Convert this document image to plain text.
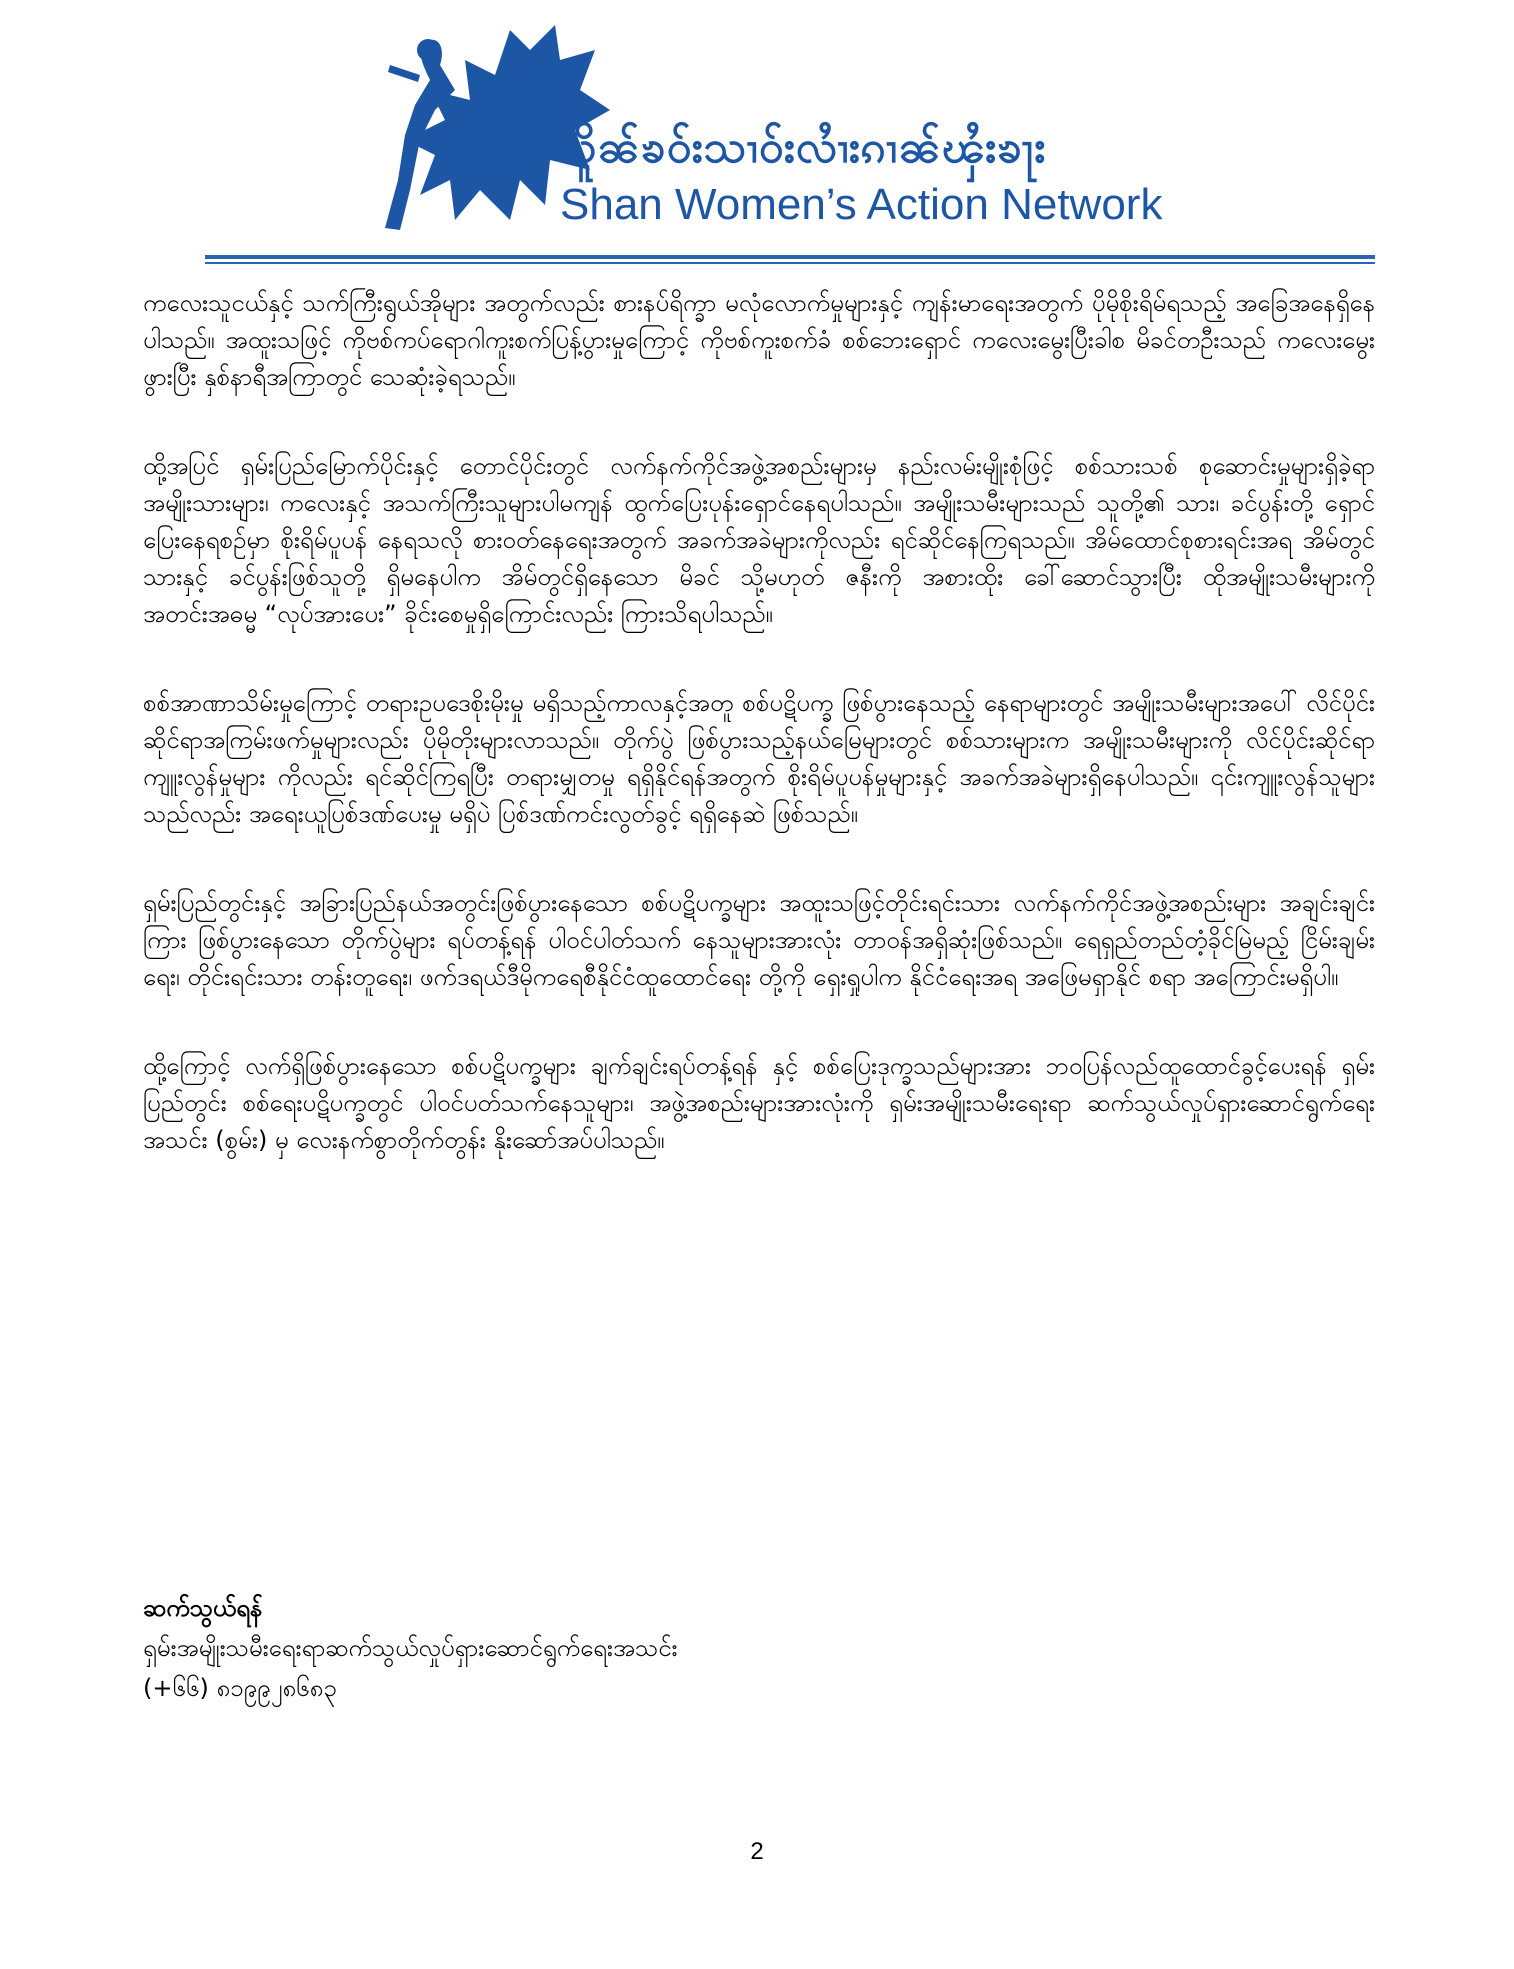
လိူၼ်ၶဝ်းသၢဝ်းလၢႆးၵၢၼ်ၾႆးၶႃး
Shan Women’s Action Network

ကလေးသူငယ်နှင့် သက်ကြီးရွယ်အိုများ အတွက်လည်း စားနပ်ရိက္ခာ မလုံလောက်မှုများနှင့် ကျန်းမာရေးအတွက် ပိုမိုစိုးရိမ်ရသည့် အခြေအနေရှိနေပါသည်။ အထူးသဖြင့် ကိုဗစ်ကပ်ရောဂါကူးစက်ပြန့်ပွားမှုကြောင့် ကိုဗစ်ကူးစက်ခံ စစ်ဘေးရှောင် ကလေးမွေးပြီးခါစ မိခင်တဦးသည် ကလေးမွေးဖွားပြီး နှစ်နာရီအကြာတွင် သေဆုံးခဲ့ရသည်။

ထို့အပြင် ရှမ်းပြည်မြောက်ပိုင်းနှင့် တောင်ပိုင်းတွင် လက်နက်ကိုင်အဖွဲ့အစည်းများမှ နည်းလမ်းမျိုးစုံဖြင့် စစ်သားသစ် စုဆောင်းမှုများရှိခဲ့ရာ အမျိုးသားများ၊ ကလေးနှင့် အသက်ကြီးသူများပါမကျန် ထွက်ပြေးပုန်းရှောင်နေရပါသည်။ အမျိုးသမီးများသည် သူတို့၏ သား၊ ခင်ပွန်းတို့ ရှောင်ပြေးနေရစဉ်မှာ စိုးရိမ်ပူပန် နေရသလို စားဝတ်နေရေးအတွက် အခက်အခဲများကိုလည်း ရင်ဆိုင်နေကြရသည်။ အိမ်ထောင်စုစားရင်းအရ အိမ်တွင် သားနှင့် ခင်ပွန်းဖြစ်သူတို့ ရှိမနေပါက အိမ်တွင်ရှိနေသော မိခင် သို့မဟုတ် ဇနီးကို အစားထိုး ခေါ်ဆောင်သွားပြီး ထိုအမျိုးသမီးများကို အတင်းအဓမ္မ “လုပ်အားပေး” ခိုင်းစေမှုရှိကြောင်းလည်း ကြားသိရပါသည်။

စစ်အာဏာသိမ်းမှုကြောင့် တရားဥပဒေစိုးမိုးမှု မရှိသည့်ကာလနှင့်အတူ စစ်ပဋိပက္ခ ဖြစ်ပွားနေသည့် နေရာများတွင် အမျိုးသမီးများအပေါ် လိင်ပိုင်းဆိုင်ရာအကြမ်းဖက်မှုများလည်း ပိုမိုတိုးများလာသည်။ တိုက်ပွဲ ဖြစ်ပွားသည့်နယ်မြေများတွင် စစ်သားများက အမျိုးသမီးများကို လိင်ပိုင်းဆိုင်ရာကျူးလွန်မှုများ ကိုလည်း ရင်ဆိုင်ကြရပြီး တရားမျှတမှု ရရှိနိုင်ရန်အတွက် စိုးရိမ်ပူပန်မှုများနှင့် အခက်အခဲများရှိနေပါသည်။ ၎င်းကျူးလွန်သူများသည်လည်း အရေးယူပြစ်ဒဏ်ပေးမှု မရှိပဲ ပြစ်ဒဏ်ကင်းလွတ်ခွင့် ရရှိနေဆဲ ဖြစ်သည်။

ရှမ်းပြည်တွင်းနှင့် အခြားပြည်နယ်အတွင်းဖြစ်ပွားနေသော စစ်ပဋိပက္ခများ အထူးသဖြင့်တိုင်းရင်းသား လက်နက်ကိုင်အဖွဲ့အစည်းများ အချင်းချင်းကြား ဖြစ်ပွားနေသော တိုက်ပွဲများ ရပ်တန့်ရန် ပါဝင်ပါတ်သက် နေသူများအားလုံး တာဝန်အရှိဆုံးဖြစ်သည်။ ရေရှည်တည်တံ့ခိုင်မြဲမည့် ငြိမ်းချမ်းရေး၊ တိုင်းရင်းသား တန်းတူရေး၊ ဖက်ဒရယ်ဒီမိုကရေစီနိုင်ငံထူထောင်ရေး တို့ကို ရှေးရှုပါက နိုင်ငံရေးအရ အဖြေမရှာနိုင် စရာ အကြောင်းမရှိပါ။

ထို့ကြောင့် လက်ရှိဖြစ်ပွားနေသော စစ်ပဋိပက္ခများ ချက်ချင်းရပ်တန့်ရန် နှင့် စစ်ပြေးဒုက္ခသည်များအား ဘဝပြန်လည်ထူထောင်ခွင့်ပေးရန် ရှမ်းပြည်တွင်း စစ်ရေးပဋိပက္ခတွင် ပါဝင်ပတ်သက်နေသူများ၊ အဖွဲ့အစည်းများအားလုံးကို ရှမ်းအမျိုးသမီးရေးရာ ဆက်သွယ်လှုပ်ရှားဆောင်ရွက်ရေးအသင်း (စွမ်း) မှ လေးနက်စွာတိုက်တွန်း နိုးဆော်အပ်ပါသည်။

ဆက်သွယ်ရန်
ရှမ်းအမျိုးသမီးရေးရာဆက်သွယ်လှုပ်ရှားဆောင်ရွက်ရေးအသင်း
(+၆၆) ၈၁၉၉၂၈၆၈၃
2
